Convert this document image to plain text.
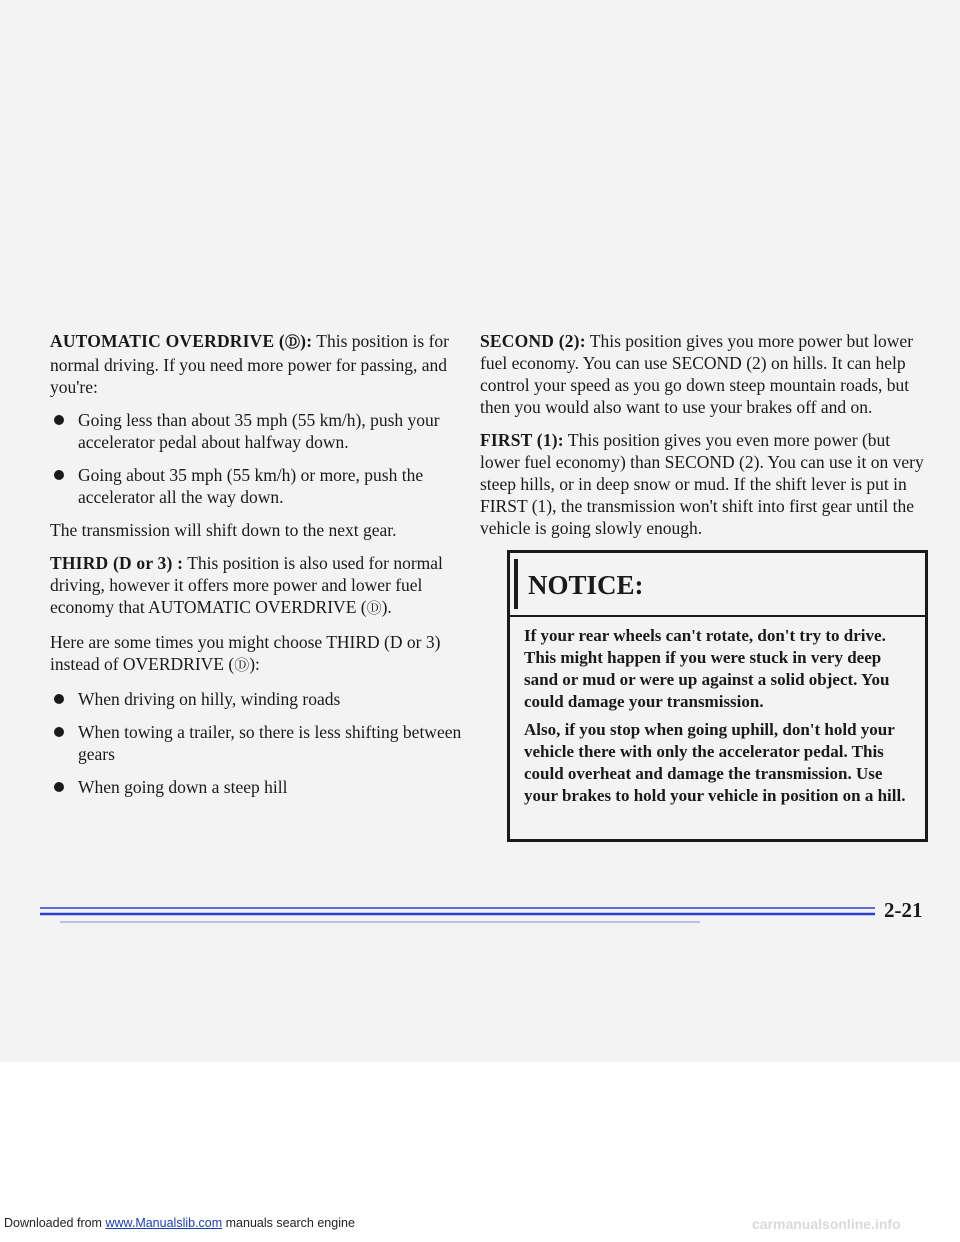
AUTOMATIC OVERDRIVE (Ⓓ): This position is for normal driving. If you need more power for passing, and you're:

Going less than about 35 mph (55 km/h), push your accelerator pedal about halfway down.
Going about 35 mph (55 km/h) or more, push the accelerator all the way down.

The transmission will shift down to the next gear.

THIRD (D or 3) : This position is also used for normal driving, however it offers more power and lower fuel economy that AUTOMATIC OVERDRIVE (Ⓓ).

Here are some times you might choose THIRD (D or 3) instead of OVERDRIVE (Ⓓ):

When driving on hilly, winding roads
When towing a trailer, so there is less shifting between gears
When going down a steep hill

SECOND (2): This position gives you more power but lower fuel economy. You can use SECOND (2) on hills. It can help control your speed as you go down steep mountain roads, but then you would also want to use your brakes off and on.

FIRST (1): This position gives you even more power (but lower fuel economy) than SECOND (2). You can use it on very steep hills, or in deep snow or mud. If the shift lever is put in FIRST (1), the transmission won't shift into first gear until the vehicle is going slowly enough.

NOTICE:

If your rear wheels can't rotate, don't try to drive. This might happen if you were stuck in very deep sand or mud or were up against a solid object. You could damage your transmission.

Also, if you stop when going uphill, don't hold your vehicle there with only the accelerator pedal. This could overheat and damage the transmission. Use your brakes to hold your vehicle in position on a hill.

2-21
Downloaded from www.Manualslib.com manuals search engine	carmanualsonline.info
